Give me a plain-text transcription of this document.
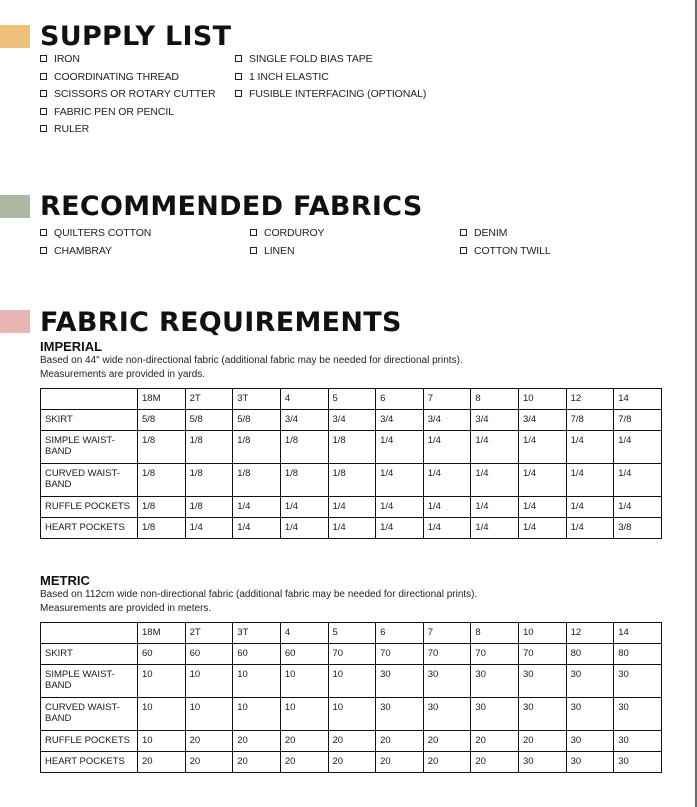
SUPPLY LIST
IRON
COORDINATING THREAD
SCISSORS OR ROTARY CUTTER
FABRIC PEN OR PENCIL
RULER
SINGLE FOLD BIAS TAPE
1 INCH ELASTIC
FUSIBLE INTERFACING (OPTIONAL)
RECOMMENDED FABRICS
QUILTERS COTTON
CHAMBRAY
CORDUROY
LINEN
DENIM
COTTON TWILL
FABRIC REQUIREMENTS
IMPERIAL
Based on 44" wide non-directional fabric (additional fabric may be needed for directional prints).
Measurements are provided in yards.
	18M	2T	3T	4	5	6	7	8	10	12	14
SKIRT	5/8	5/8	5/8	3/4	3/4	3/4	3/4	3/4	3/4	7/8	7/8
SIMPLE WAIST-BAND	1/8	1/8	1/8	1/8	1/8	1/4	1/4	1/4	1/4	1/4	1/4
CURVED WAIST-BAND	1/8	1/8	1/8	1/8	1/8	1/4	1/4	1/4	1/4	1/4	1/4
RUFFLE POCKETS	1/8	1/8	1/4	1/4	1/4	1/4	1/4	1/4	1/4	1/4	1/4
HEART POCKETS	1/8	1/4	1/4	1/4	1/4	1/4	1/4	1/4	1/4	1/4	3/8
METRIC
Based on 112cm wide non-directional fabric (additional fabric may be needed for directional prints).
Measurements are provided in meters.
	18M	2T	3T	4	5	6	7	8	10	12	14
SKIRT	60	60	60	60	70	70	70	70	70	80	80
SIMPLE WAIST-BAND	10	10	10	10	10	30	30	30	30	30	30
CURVED WAIST-BAND	10	10	10	10	10	30	30	30	30	30	30
RUFFLE POCKETS	10	20	20	20	20	20	20	20	20	30	30
HEART POCKETS	20	20	20	20	20	20	20	20	30	30	30
